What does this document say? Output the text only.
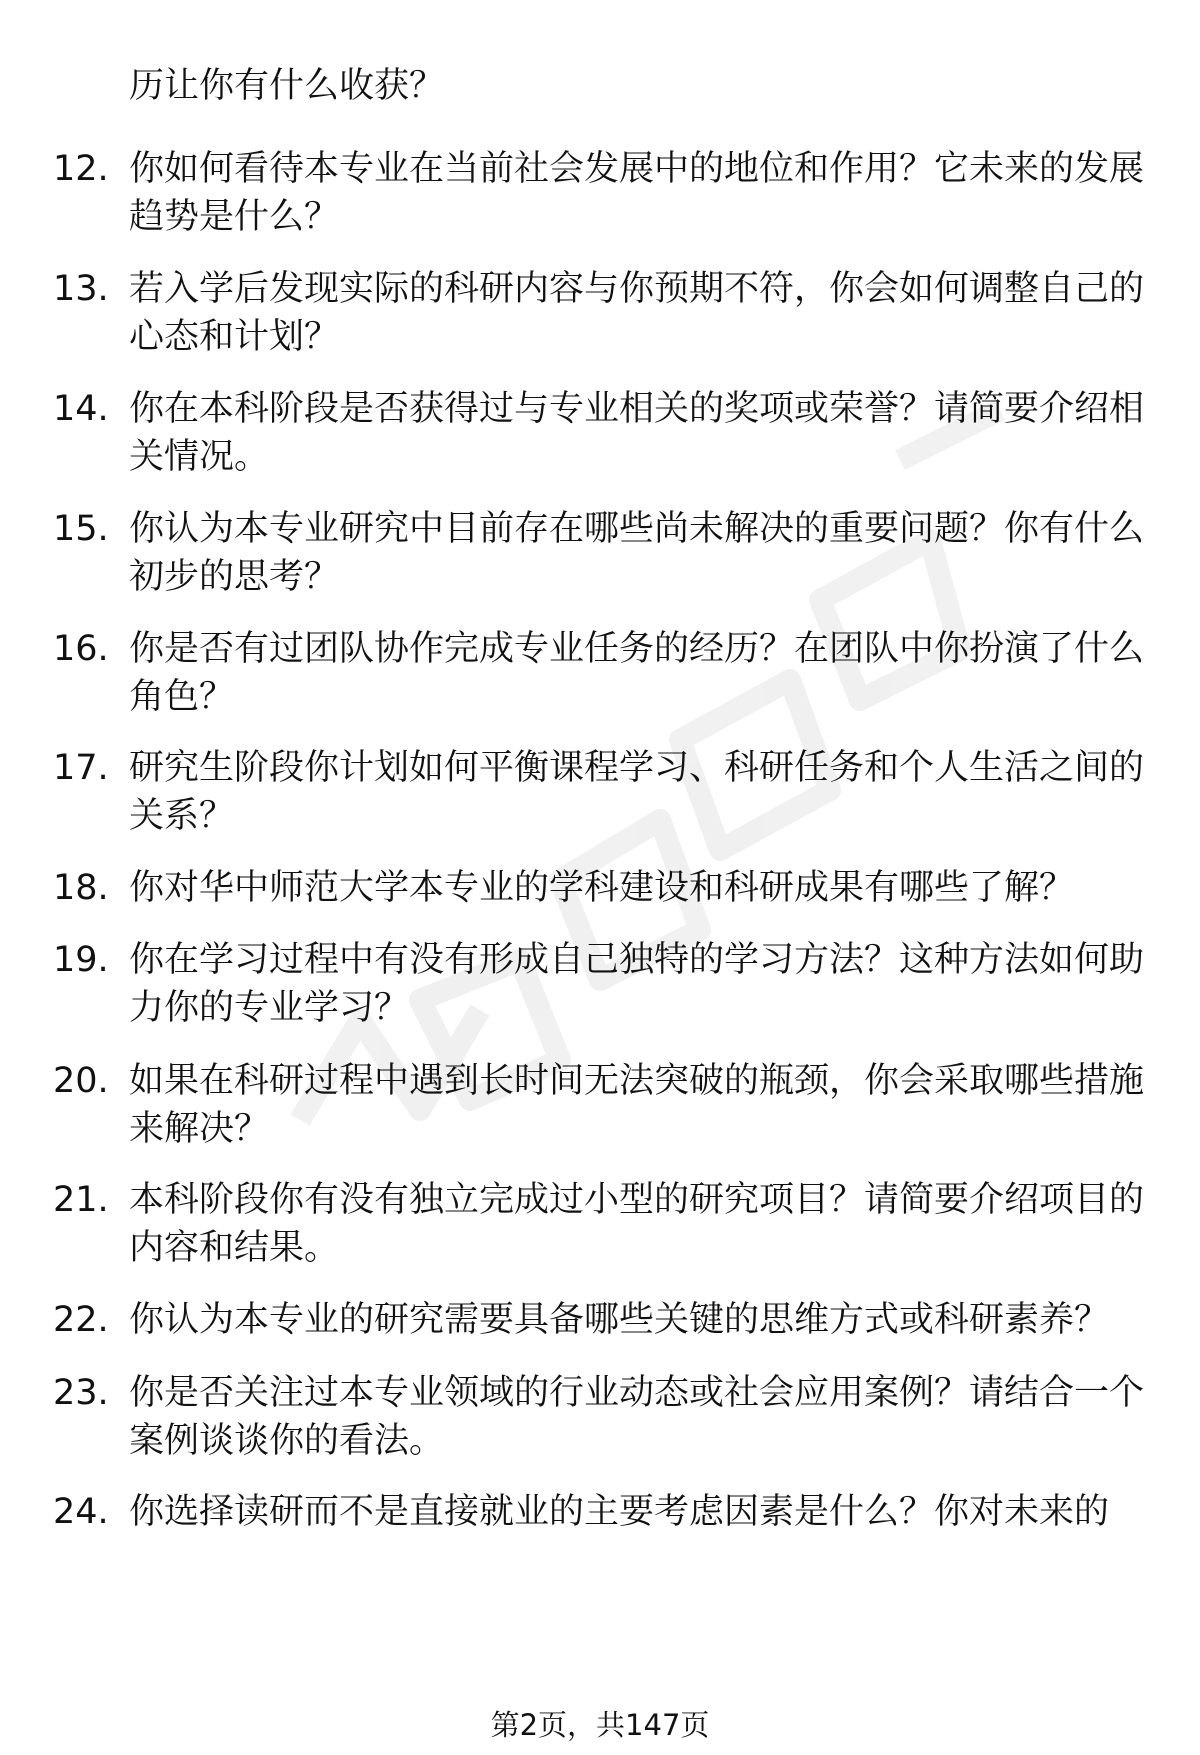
历让你有什么收获？

12. 你如何看待本专业在当前社会发展中的地位和作用？它未来的发展趋势是什么？
13. 若入学后发现实际的科研内容与你预期不符，你会如何调整自己的心态和计划？
14. 你在本科阶段是否获得过与专业相关的奖项或荣誉？请简要介绍相关情况。
15. 你认为本专业研究中目前存在哪些尚未解决的重要问题？你有什么初步的思考？
16. 你是否有过团队协作完成专业任务的经历？在团队中你扮演了什么角色？
17. 研究生阶段你计划如何平衡课程学习、科研任务和个人生活之间的关系？
18. 你对华中师范大学本专业的学科建设和科研成果有哪些了解？
19. 你在学习过程中有没有形成自己独特的学习方法？这种方法如何助力你的专业学习？
20. 如果在科研过程中遇到长时间无法突破的瓶颈，你会采取哪些措施来解决？
21. 本科阶段你有没有独立完成过小型的研究项目？请简要介绍项目的内容和结果。
22. 你认为本专业的研究需要具备哪些关键的思维方式或科研素养？
23. 你是否关注过本专业领域的行业动态或社会应用案例？请结合一个案例谈谈你的看法。
24. 你选择读研而不是直接就业的主要考虑因素是什么？你对未来的
第2页，共147页
